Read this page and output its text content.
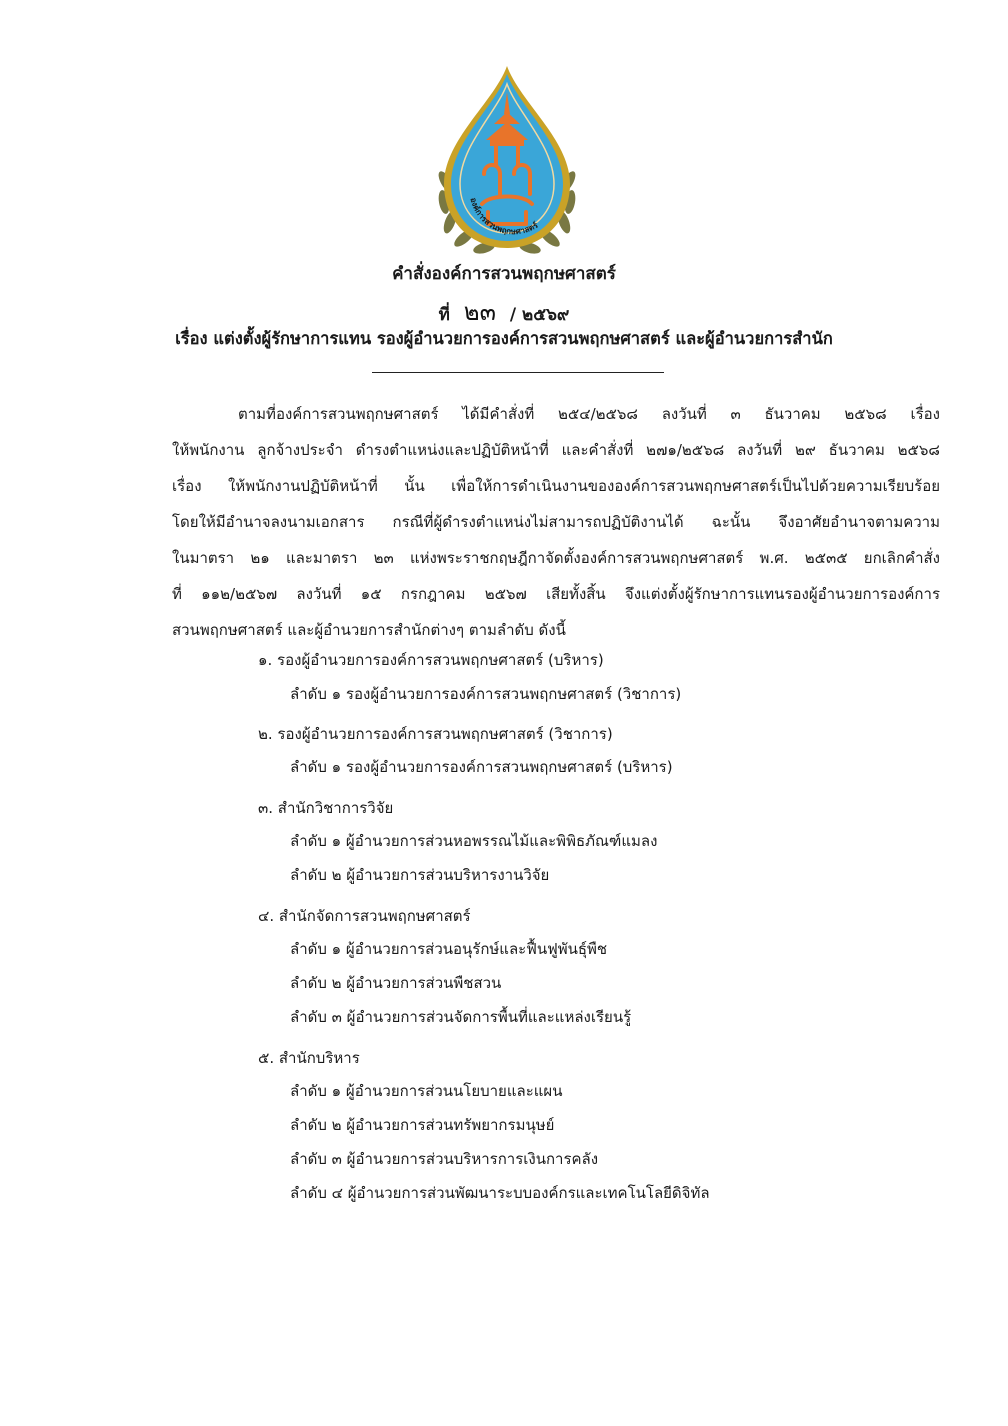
องค์การสวนพฤกษศาสตร์
คำสั่งองค์การสวนพฤกษศาสตร์
ที่ ๒๓ / ๒๕๖๙
เรื่อง แต่งตั้งผู้รักษาการแทน รองผู้อำนวยการองค์การสวนพฤกษศาสตร์ และผู้อำนวยการสำนัก
ตามที่องค์การสวนพฤกษศาสตร์ ได้มีคำสั่งที่ ๒๕๔/๒๕๖๘ ลงวันที่ ๓ ธันวาคม ๒๕๖๘ เรื่อง
ให้พนักงาน ลูกจ้างประจำ ดำรงตำแหน่งและปฏิบัติหน้าที่ และคำสั่งที่ ๒๗๑/๒๕๖๘ ลงวันที่ ๒๙ ธันวาคม ๒๕๖๘
เรื่อง ให้พนักงานปฏิบัติหน้าที่ นั้น เพื่อให้การดำเนินงานขององค์การสวนพฤกษศาสตร์เป็นไปด้วยความเรียบร้อย
โดยให้มีอำนาจลงนามเอกสาร กรณีที่ผู้ดำรงตำแหน่งไม่สามารถปฏิบัติงานได้ ฉะนั้น จึงอาศัยอำนาจตามความ
ในมาตรา ๒๑ และมาตรา ๒๓ แห่งพระราชกฤษฎีกาจัดตั้งองค์การสวนพฤกษศาสตร์ พ.ศ. ๒๕๓๕ ยกเลิกคำสั่ง
ที่ ๑๑๒/๒๕๖๗ ลงวันที่ ๑๕ กรกฎาคม ๒๕๖๗ เสียทั้งสิ้น จึงแต่งตั้งผู้รักษาการแทนรองผู้อำนวยการองค์การ
สวนพฤกษศาสตร์ และผู้อำนวยการสำนักต่างๆ ตามลำดับ ดังนี้
๑. รองผู้อำนวยการองค์การสวนพฤกษศาสตร์ (บริหาร)
ลำดับ ๑ รองผู้อำนวยการองค์การสวนพฤกษศาสตร์ (วิชาการ)
๒. รองผู้อำนวยการองค์การสวนพฤกษศาสตร์ (วิชาการ)
ลำดับ ๑ รองผู้อำนวยการองค์การสวนพฤกษศาสตร์ (บริหาร)
๓. สำนักวิชาการวิจัย
ลำดับ ๑ ผู้อำนวยการส่วนหอพรรณไม้และพิพิธภัณฑ์แมลง
ลำดับ ๒ ผู้อำนวยการส่วนบริหารงานวิจัย
๔. สำนักจัดการสวนพฤกษศาสตร์
ลำดับ ๑ ผู้อำนวยการส่วนอนุรักษ์และฟื้นฟูพันธุ์พืช
ลำดับ ๒ ผู้อำนวยการส่วนพืชสวน
ลำดับ ๓ ผู้อำนวยการส่วนจัดการพื้นที่และแหล่งเรียนรู้
๕. สำนักบริหาร
ลำดับ ๑ ผู้อำนวยการส่วนนโยบายและแผน
ลำดับ ๒ ผู้อำนวยการส่วนทรัพยากรมนุษย์
ลำดับ ๓ ผู้อำนวยการส่วนบริหารการเงินการคลัง
ลำดับ ๔ ผู้อำนวยการส่วนพัฒนาระบบองค์กรและเทคโนโลยีดิจิทัล
